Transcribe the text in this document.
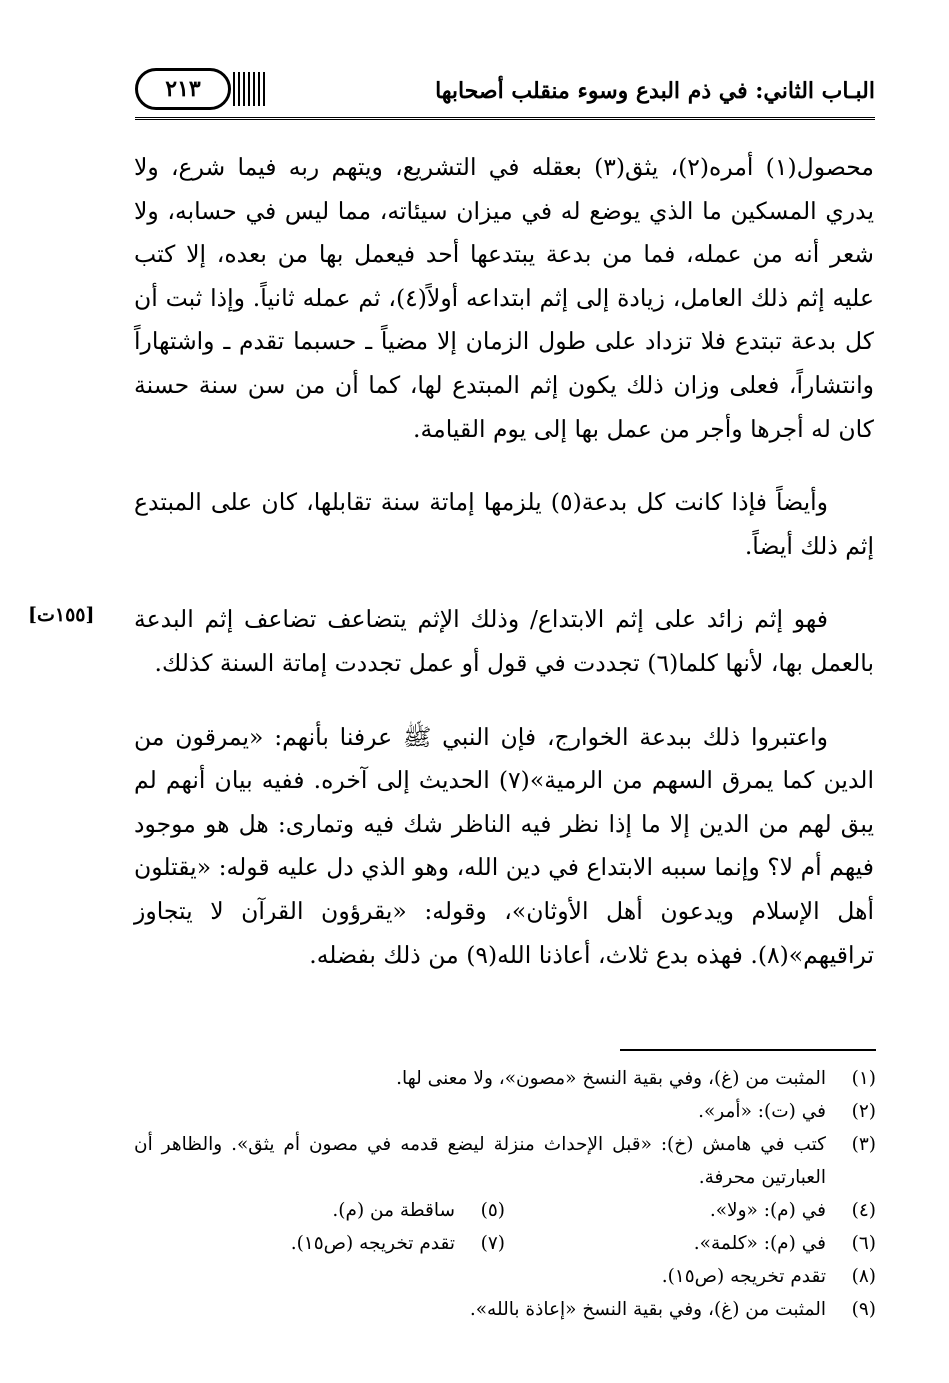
٢١٣	البـاب الثاني: في ذم البدع وسوء منقلب أصحابها
[١٥٥ت]

محصول(١) أمره(٢)، يثق(٣) بعقله في التشريع، ويتهم ربه فيما شرع، ولا يدري المسكين ما الذي يوضع له في ميزان سيئاته، مما ليس في حسابه، ولا شعر أنه من عمله، فما من بدعة يبتدعها أحد فيعمل بها من بعده، إلا كتب عليه إثم ذلك العامل، زيادة إلى إثم ابتداعه أولاً(٤)، ثم عمله ثانياً. وإذا ثبت أن كل بدعة تبتدع فلا تزداد على طول الزمان إلا مضياً ـ حسبما تقدم ـ واشتهاراً وانتشاراً، فعلى وزان ذلك يكون إثم المبتدع لها، كما أن من سن سنة حسنة كان له أجرها وأجر من عمل بها إلى يوم القيامة.

وأيضاً فإذا كانت كل بدعة(٥) يلزمها إماتة سنة تقابلها، كان على المبتدع إثم ذلك أيضاً.

فهو إثم زائد على إثم الابتداع/ وذلك الإثم يتضاعف تضاعف إثم البدعة بالعمل بها، لأنها كلما(٦) تجددت في قول أو عمل تجددت إماتة السنة كذلك.

واعتبروا ذلك ببدعة الخوارج، فإن النبي ﷺ عرفنا بأنهم: «يمرقون من الدين كما يمرق السهم من الرمية»(٧) الحديث إلى آخره. ففيه بيان أنهم لم يبق لهم من الدين إلا ما إذا نظر فيه الناظر شك فيه وتمارى: هل هو موجود فيهم أم لا؟ وإنما سببه الابتداع في دين الله، وهو الذي دل عليه قوله: «يقتلون أهل الإسلام ويدعون أهل الأوثان»، وقوله: «يقرؤون القرآن لا يتجاوز تراقيهم»(٨). فهذه بدع ثلاث، أعاذنا الله(٩) من ذلك بفضله.

(١)
المثبت من (غ)، وفي بقية النسخ «مصون»، ولا معنى لها.
(٢)
في (ت): «أمر».
(٣)
كتب في هامش (خ): «قبل الإحداث منزلة ليضع قدمه في مصون أم يثق». والظاهر أن العبارتين محرفة.
(٤)
في (م): «ولا».
(٥)
ساقطة من (م).
(٦)
في (م): «كلمة».
(٧)
تقدم تخريجه (ص١٥).
(٨)
تقدم تخريجه (ص١٥).
(٩)
المثبت من (غ)، وفي بقية النسخ «إعاذة بالله».
